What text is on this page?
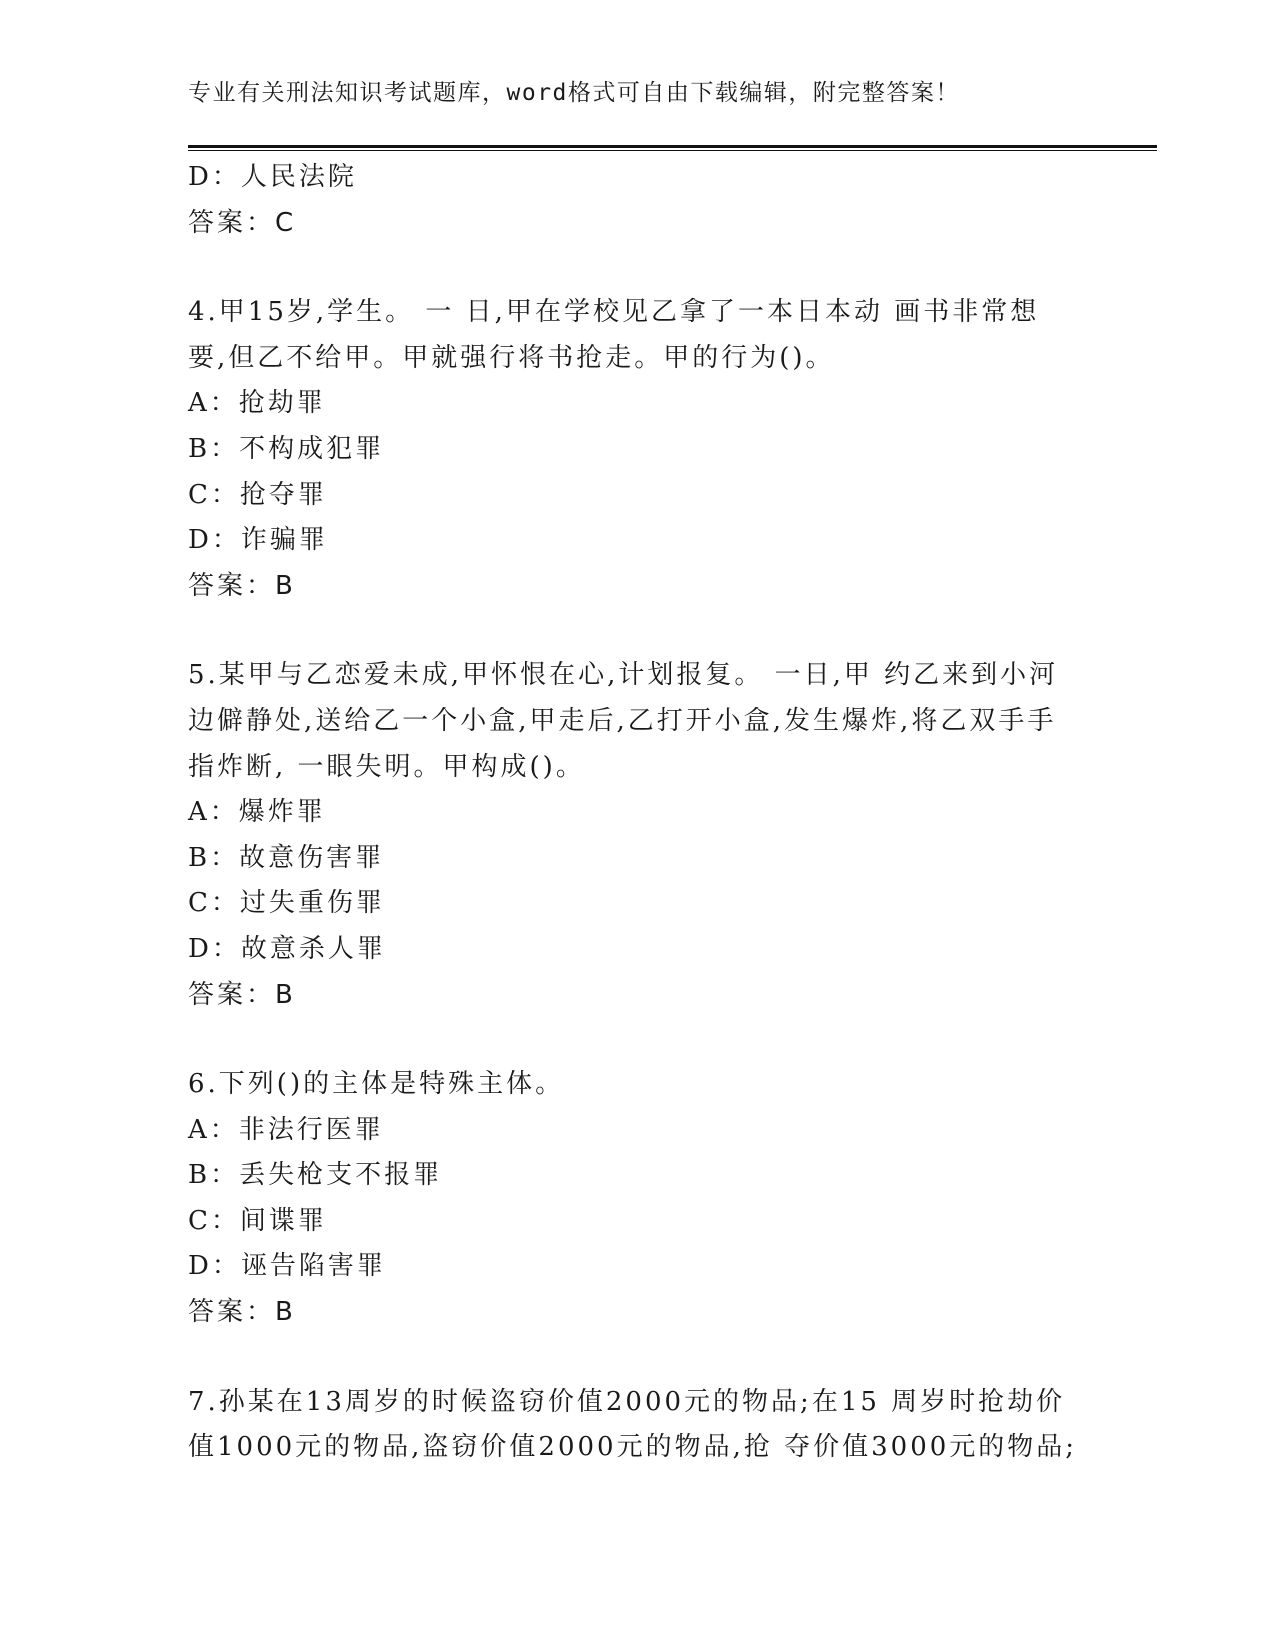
专业有关刑法知识考试题库，word格式可自由下载编辑，附完整答案！
D：人民法院
答案：C
4.甲15岁,学生。 一 日,甲在学校见乙拿了一本日本动 画书非常想
要,但乙不给甲。甲就强行将书抢走。甲的行为()。
A：抢劫罪
B：不构成犯罪
C：抢夺罪
D：诈骗罪
答案：B
5.某甲与乙恋爱未成,甲怀恨在心,计划报复。 一日,甲 约乙来到小河
边僻静处,送给乙一个小盒,甲走后,乙打开小盒,发生爆炸,将乙双手手
指炸断, 一眼失明。甲构成()。
A：爆炸罪
B：故意伤害罪
C：过失重伤罪
D：故意杀人罪
答案：B
6.下列()的主体是特殊主体。
A：非法行医罪
B：丢失枪支不报罪
C：间谍罪
D：诬告陷害罪
答案：B
7.孙某在13周岁的时候盗窃价值2000元的物品;在15 周岁时抢劫价
值1000元的物品,盗窃价值2000元的物品,抢 夺价值3000元的物品;
